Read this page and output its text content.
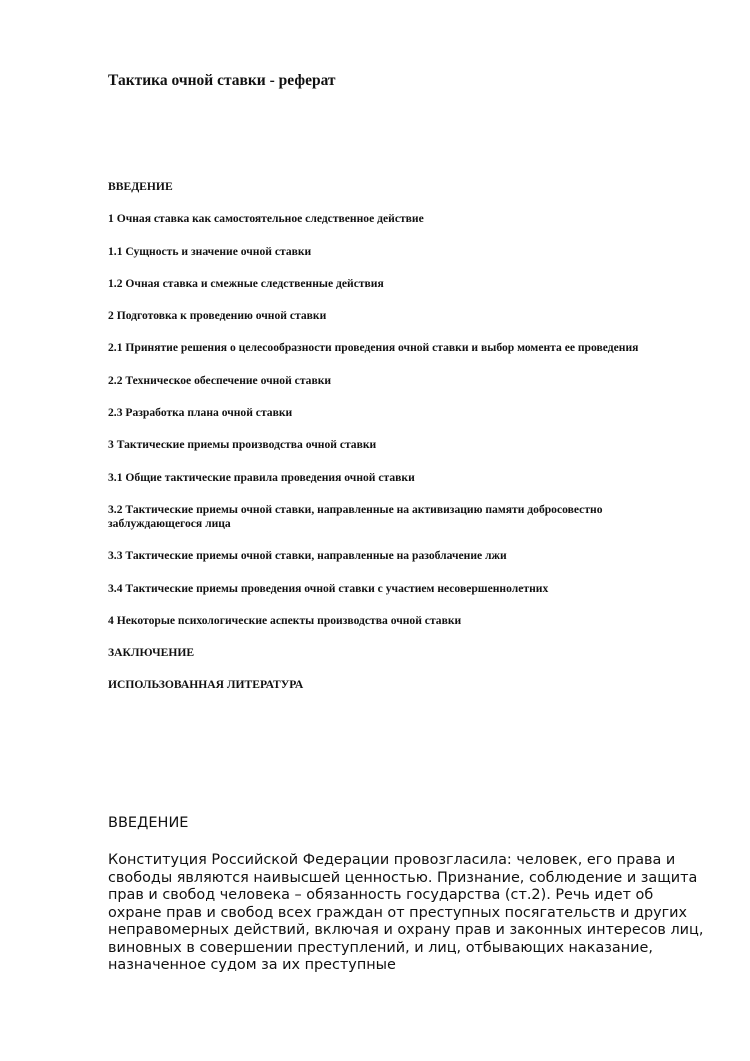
Тактика очной ставки - реферат
ВВЕДЕНИЕ
1 Очная ставка как самостоятельное следственное действие
1.1 Сущность и значение очной ставки
1.2 Очная ставка и смежные следственные действия
2 Подготовка к проведению очной ставки
2.1 Принятие решения о целесообразности проведения очной ставки и выбор момента ее проведения
2.2 Техническое обеспечение очной ставки
2.3 Разработка плана очной ставки
3 Тактические приемы производства очной ставки
3.1 Общие тактические правила проведения очной ставки
3.2 Тактические приемы очной ставки, направленные на активизацию памяти добросовестно заблуждающегося лица
3.3 Тактические приемы очной ставки, направленные на разоблачение лжи
3.4 Тактические приемы проведения очной ставки с участием несовершеннолетних
4 Некоторые психологические аспекты производства очной ставки
ЗАКЛЮЧЕНИЕ
ИСПОЛЬЗОВАННАЯ ЛИТЕРАТУРА
ВВЕДЕНИЕ

Конституция Российской Федерации провозгласила: человек, его права и свободы являются наивысшей ценностью. Признание, соблюдение и защита прав и свобод человека – обязанность государства (ст.2). Речь идет об охране прав и свобод всех граждан от преступных посягательств и других неправомерных действий, включая и охрану прав и законных интересов лиц, виновных в совершении преступлений, и лиц, отбывающих наказание, назначенное судом за их преступные
